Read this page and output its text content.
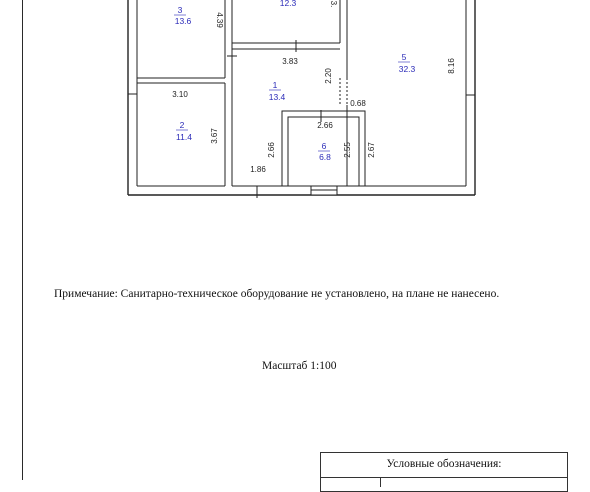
3
13.6
12.3
5
32.3
1
13.4
2
11.4
6
6.8
4.39
3.
3.83
2.20
8.16
3.10
0.68
2.66
3.67
2.66	2.55 2.67
1.86
Примечание: Санитарно-техническое оборудование не установлено, на плане не нанесено.
Масштаб 1:100
Условные обозначения:
